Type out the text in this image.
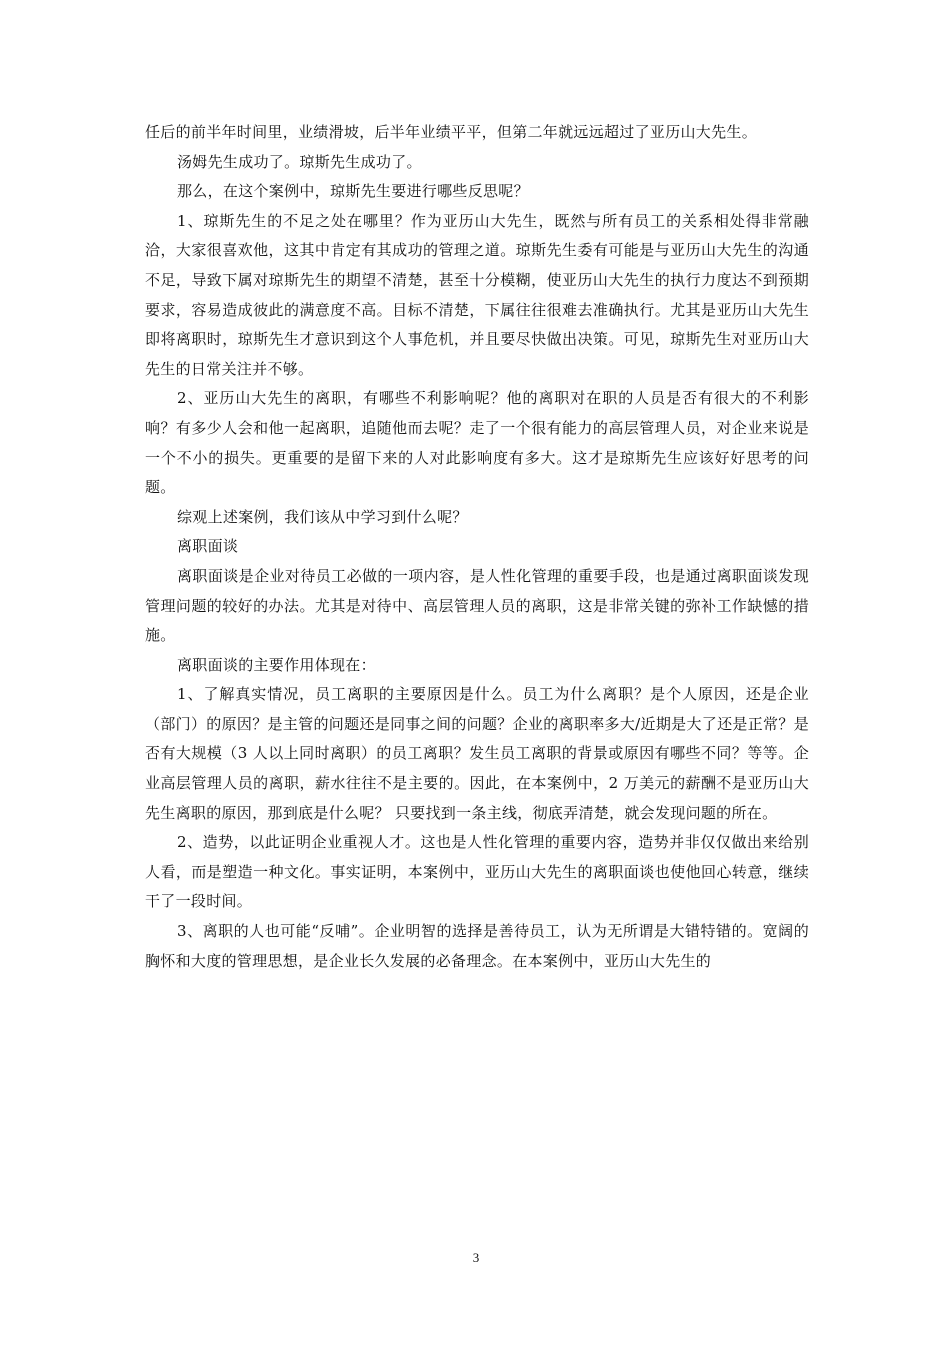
任后的前半年时间里，业绩滑坡，后半年业绩平平，但第二年就远远超过了亚历山大先生。

汤姆先生成功了。琼斯先生成功了。

那么，在这个案例中，琼斯先生要进行哪些反思呢？

1、琼斯先生的不足之处在哪里？作为亚历山大先生，既然与所有员工的关系相处得非常融洽，大家很喜欢他，这其中肯定有其成功的管理之道。琼斯先生委有可能是与亚历山大先生的沟通不足，导致下属对琼斯先生的期望不清楚，甚至十分模糊，使亚历山大先生的执行力度达不到预期要求，容易造成彼此的满意度不高。目标不清楚，下属往往很难去准确执行。尤其是亚历山大先生即将离职时，琼斯先生才意识到这个人事危机，并且要尽快做出决策。可见，琼斯先生对亚历山大先生的日常关注并不够。

2、亚历山大先生的离职，有哪些不利影响呢？他的离职对在职的人员是否有很大的不利影响？有多少人会和他一起离职，追随他而去呢？走了一个很有能力的高层管理人员，对企业来说是一个不小的损失。更重要的是留下来的人对此影响度有多大。这才是琼斯先生应该好好思考的问题。

综观上述案例，我们该从中学习到什么呢？

离职面谈

离职面谈是企业对待员工必做的一项内容，是人性化管理的重要手段，也是通过离职面谈发现管理问题的较好的办法。尤其是对待中、高层管理人员的离职，这是非常关键的弥补工作缺憾的措施。

离职面谈的主要作用体现在：

1、了解真实情况，员工离职的主要原因是什么。员工为什么离职？是个人原因，还是企业（部门）的原因？是主管的问题还是同事之间的问题？企业的离职率多大/近期是大了还是正常？是否有大规模（3 人以上同时离职）的员工离职？发生员工离职的背景或原因有哪些不同？等等。企业高层管理人员的离职，薪水往往不是主要的。因此，在本案例中，2 万美元的薪酬不是亚历山大先生离职的原因，那到底是什么呢？ 只要找到一条主线，彻底弄清楚，就会发现问题的所在。

2、造势，以此证明企业重视人才。这也是人性化管理的重要内容，造势并非仅仅做出来给别人看，而是塑造一种文化。事实证明，本案例中，亚历山大先生的离职面谈也使他回心转意，继续干了一段时间。

3、离职的人也可能“反哺”。企业明智的选择是善待员工，认为无所谓是大错特错的。宽阔的胸怀和大度的管理思想，是企业长久发展的必备理念。在本案例中，亚历山大先生的

3
